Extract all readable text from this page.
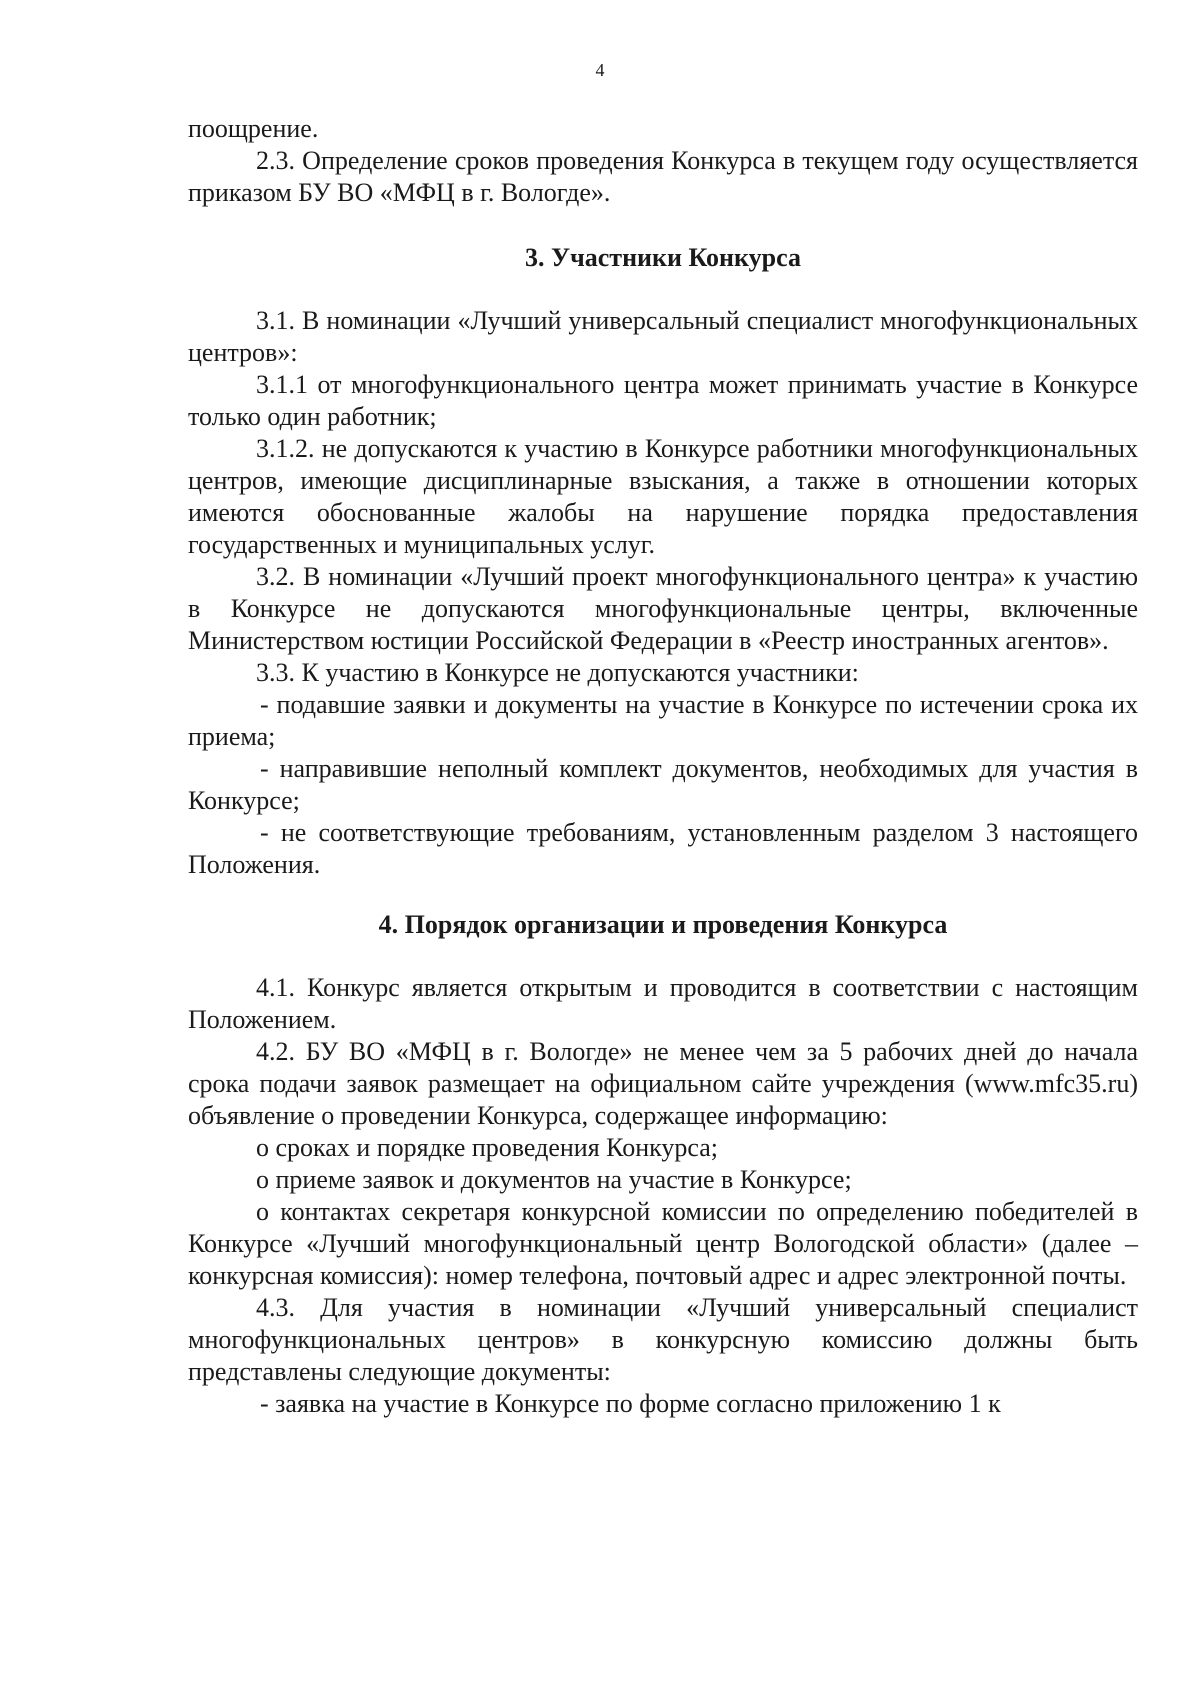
4

поощрение.

2.3. Определение сроков проведения Конкурса в текущем году осуществляется приказом БУ ВО «МФЦ в г. Вологде».

3. Участники Конкурса

3.1. В номинации «Лучший универсальный специалист многофункциональных центров»:

3.1.1 от многофункционального центра может принимать участие в Конкурсе только один работник;

3.1.2. не допускаются к участию в Конкурсе работники многофункциональных центров, имеющие дисциплинарные взыскания, а также в отношении которых имеются обоснованные жалобы на нарушение порядка предоставления государственных и муниципальных услуг.

3.2. В номинации «Лучший проект многофункционального центра» к участию в Конкурсе не допускаются многофункциональные центры, включенные Министерством юстиции Российской Федерации в «Реестр иностранных агентов».

3.3. К участию в Конкурсе не допускаются участники:

- подавшие заявки и документы на участие в Конкурсе по истечении срока их приема;

- направившие неполный комплект документов, необходимых для участия в Конкурсе;

- не соответствующие требованиям, установленным разделом 3 настоящего Положения.

4. Порядок организации и проведения Конкурса

4.1. Конкурс является открытым и проводится в соответствии с настоящим Положением.

4.2. БУ ВО «МФЦ в г. Вологде» не менее чем за 5 рабочих дней до начала срока подачи заявок размещает на официальном сайте учреждения (www.mfc35.ru) объявление о проведении Конкурса, содержащее информацию:

о сроках и порядке проведения Конкурса;

о приеме заявок и документов на участие в Конкурсе;

о контактах секретаря конкурсной комиссии по определению победителей в Конкурсе «Лучший многофункциональный центр Вологодской области» (далее – конкурсная комиссия): номер телефона, почтовый адрес и адрес электронной почты.

4.3. Для участия в номинации «Лучший универсальный специалист многофункциональных центров» в конкурсную комиссию должны быть представлены следующие документы:

- заявка на участие в Конкурсе по форме согласно приложению 1 к
